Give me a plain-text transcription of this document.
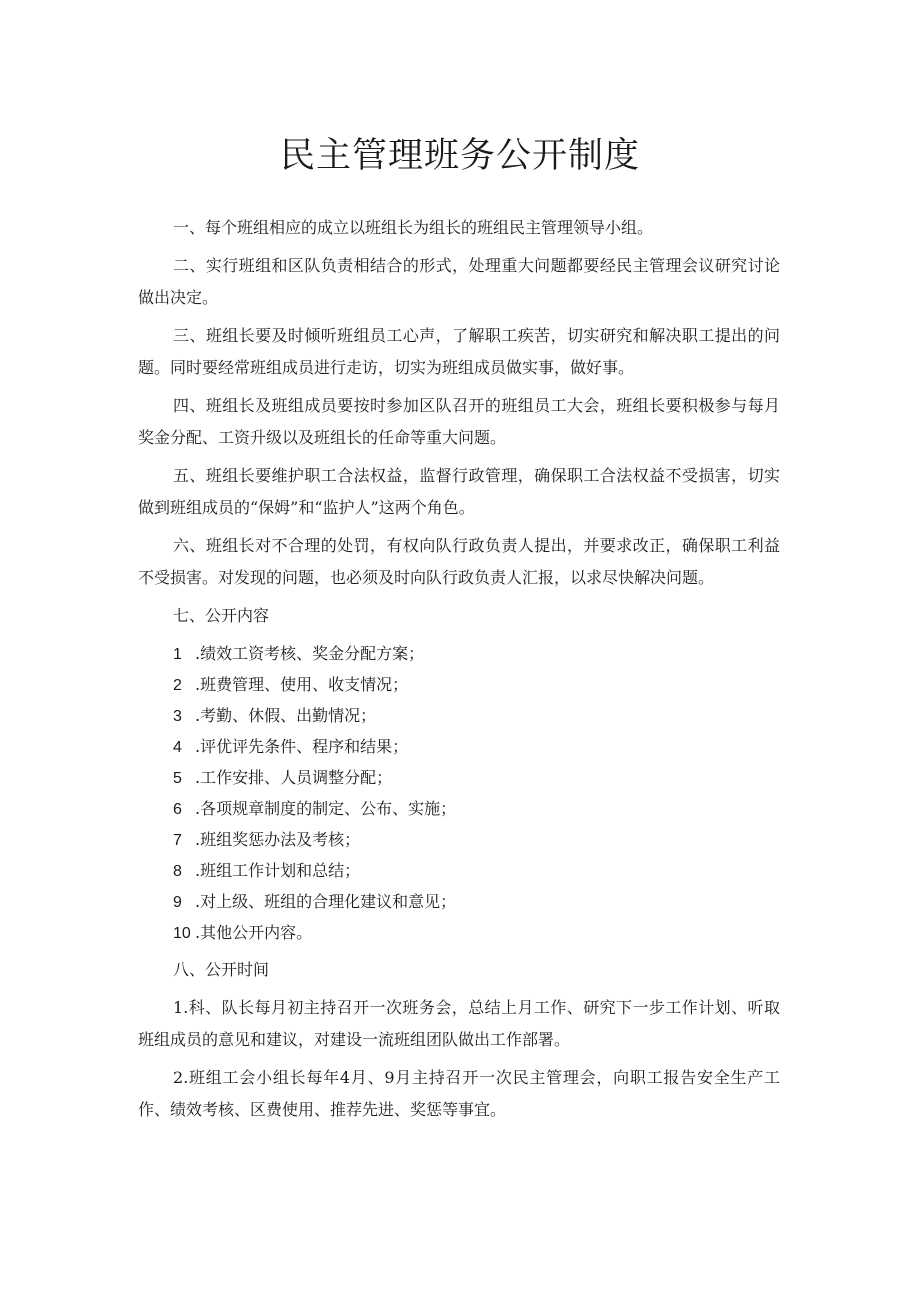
民主管理班务公开制度

一、每个班组相应的成立以班组长为组长的班组民主管理领导小组。

二、实行班组和区队负责相结合的形式，处理重大问题都要经民主管理会议研究讨论做出决定。

三、班组长要及时倾听班组员工心声，了解职工疾苦，切实研究和解决职工提出的问题。同时要经常班组成员进行走访，切实为班组成员做实事，做好事。

四、班组长及班组成员要按时参加区队召开的班组员工大会，班组长要积极参与每月奖金分配、工资升级以及班组长的任命等重大问题。

五、班组长要维护职工合法权益，监督行政管理，确保职工合法权益不受损害，切实做到班组成员的“保姆”和“监护人”这两个角色。

六、班组长对不合理的处罚，有权向队行政负责人提出，并要求改正，确保职工利益不受损害。对发现的问题，也必须及时向队行政负责人汇报，以求尽快解决问题。

七、公开内容

1 .绩效工资考核、奖金分配方案；
2 .班费管理、使用、收支情况；
3 .考勤、休假、出勤情况；
4 .评优评先条件、程序和结果；
5 .工作安排、人员调整分配；
6 .各项规章制度的制定、公布、实施；
7 .班组奖惩办法及考核；
8 .班组工作计划和总结；
9 .对上级、班组的合理化建议和意见；
10 .其他公开内容。

八、公开时间

1.科、队长每月初主持召开一次班务会，总结上月工作、研究下一步工作计划、听取班组成员的意见和建议，对建设一流班组团队做出工作部署。

2.班组工会小组长每年4月、9月主持召开一次民主管理会，向职工报告安全生产工作、绩效考核、区费使用、推荐先进、奖惩等事宜。
